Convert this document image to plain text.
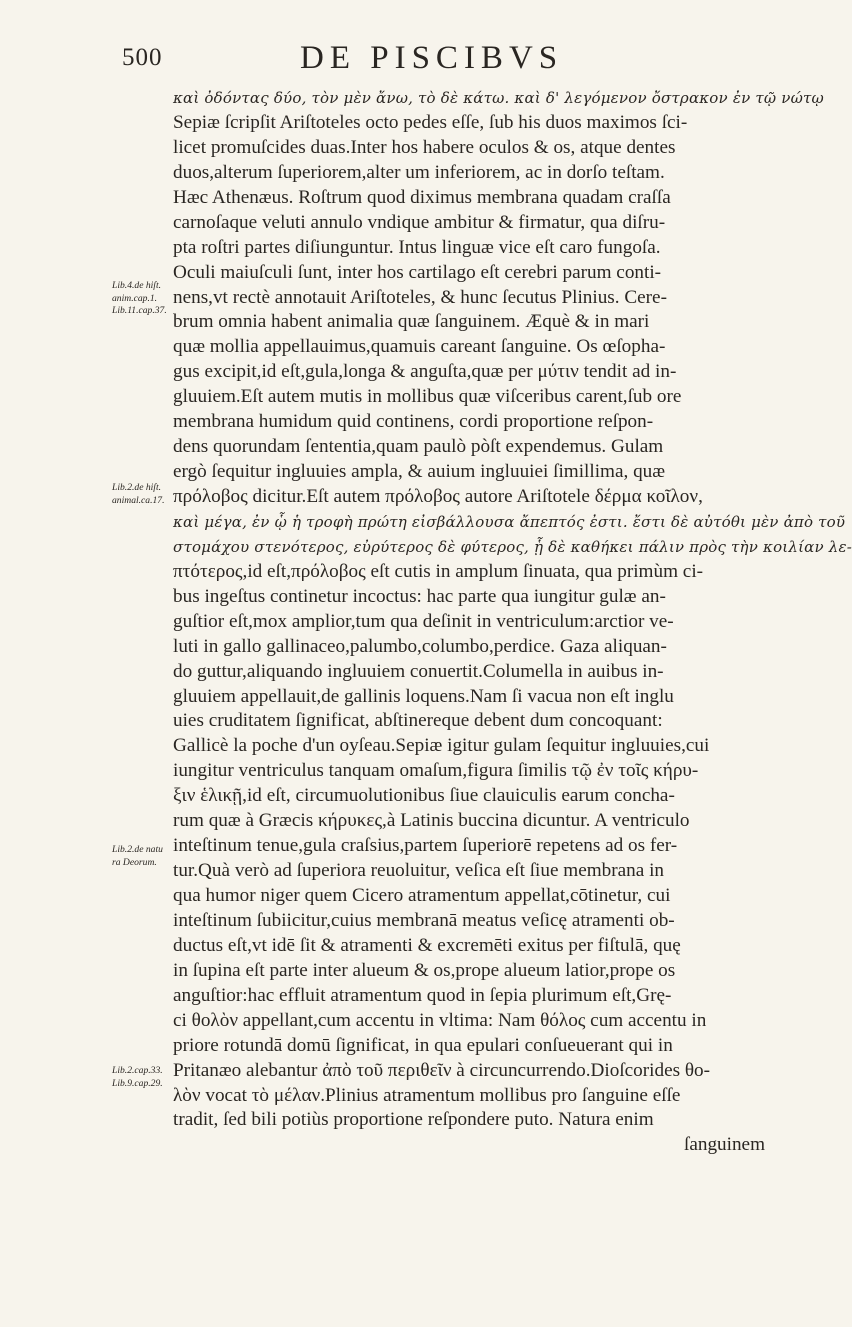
500	DE PISCIBVS
καὶ ὀδόντας δύο, τὸν μὲν ἄνω, τὸ δὲ κάτω. καὶ δ' λεγόμενον ὄστρακον ἐν τῷ νώτῳ
Sepiæ ſcripſit Ariſtoteles octo pedes eſſe, ſub his duos maximos ſci-
licet promuſcides duas.Inter hos habere oculos & os, atque dentes
duos,alterum ſuperiorem,alter um inferiorem, ac in dorſo teſtam.
Hæc Athenæus. Roſtrum quod diximus membrana quadam craſſa
carnoſaque veluti annulo vndique ambitur & firmatur, qua diſru-
pta roſtri partes diſiunguntur. Intus linguæ vice eſt caro fungoſa.
Oculi maiuſculi ſunt, inter hos cartilago eſt cerebri parum conti-
nens,vt rectè annotauit Ariſtoteles, & hunc ſecutus Plinius. Cere-
brum omnia habent animalia quæ ſanguinem. Æquè & in mari
quæ mollia appellauimus,quamuis careant ſanguine. Os œſopha-
gus excipit,id eſt,gula,longa & anguſta,quæ per μύτιν tendit ad in-
gluuiem.Eſt autem mutis in mollibus quæ viſceribus carent,ſub ore
membrana humidum quid continens, cordi proportione reſpon-
dens quorundam ſententia,quam paulò pòſt expendemus. Gulam
ergò ſequitur ingluuies ampla, & auium ingluuiei ſimillima, quæ
πρόλοβος dicitur.Eſt autem πρόλοβος autore Ariſtotele δέρμα κοῖλον,
καὶ μέγα, ἐν ᾧ ἡ τροφὴ πρώτη εἰσβάλλουσα ἄπεπτός ἐστι. ἔστι δὲ αὐτόθι μὲν ἀπὸ τοῦ
στομάχου στενότερος, εὐρύτερος δὲ φύτερος, ᾗ δὲ καθήκει πάλιν πρὸς τὴν κοιλίαν λε-
πτότερος,id eſt,πρόλοβος eſt cutis in amplum ſinuata, qua primùm ci-
bus ingeſtus continetur incoctus: hac parte qua iungitur gulæ an-
guſtior eſt,mox amplior,tum qua deſinit in ventriculum:arctior ve-
luti in gallo gallinaceo,palumbo,columbo,perdice. Gaza aliquan-
do guttur,aliquando ingluuiem conuertit.Columella in auibus in-
gluuiem appellauit,de gallinis loquens.Nam ſi vacua non eſt inglu
uies cruditatem ſignificat, abſtinereque debent dum concoquant:
Gallicè la poche d'un oyſeau.Sepiæ igitur gulam ſequitur ingluuies,cui
iungitur ventriculus tanquam omaſum,figura ſimilis τῷ ἐν τοῖς κήρυ-
ξιν ἑλικῇ,id eſt, circumuolutionibus ſiue clauiculis earum concha-
rum quæ à Græcis κήρυκες,à Latinis buccina dicuntur. A ventriculo
inteſtinum tenue,gula craſsius,partem ſuperiorē repetens ad os fer-
tur.Quà verò ad ſuperiora reuoluitur, veſica eſt ſiue membrana in
qua humor niger quem Cicero atramentum appellat,cōtinetur, cui
inteſtinum ſubiicitur,cuius membranā meatus veſicę atramenti ob-
ductus eſt,vt idē ſit & atramenti & excremēti exitus per fiſtulā, quę
in ſupina eſt parte inter alueum & os,prope alueum latior,prope os
anguſtior:hac effluit atramentum quod in ſepia plurimum eſt,Grę-
ci θολὸν appellant,cum accentu in vltima: Nam θόλος cum accentu in
priore rotundā domū ſignificat, in qua epulari conſueuerant qui in
Pritanæo alebantur ἀπὸ τοῦ περιθεῖν à circuncurrendo.Dioſcorides θο-
λὸν vocat τὸ μέλαν.Plinius atramentum mollibus pro ſanguine eſſe
tradit, ſed bili potiùs proportione reſpondere puto. Natura enim
ſanguinem
Lib.4.de hiſt.
anim.cap.1.
Lib.11.cap.37.
Lib.2.de hiſt.
animal.ca.17.
Lib.2.de natu
ra Deorum.
Lib.2.cap.33.
Lib.9.cap.29.
